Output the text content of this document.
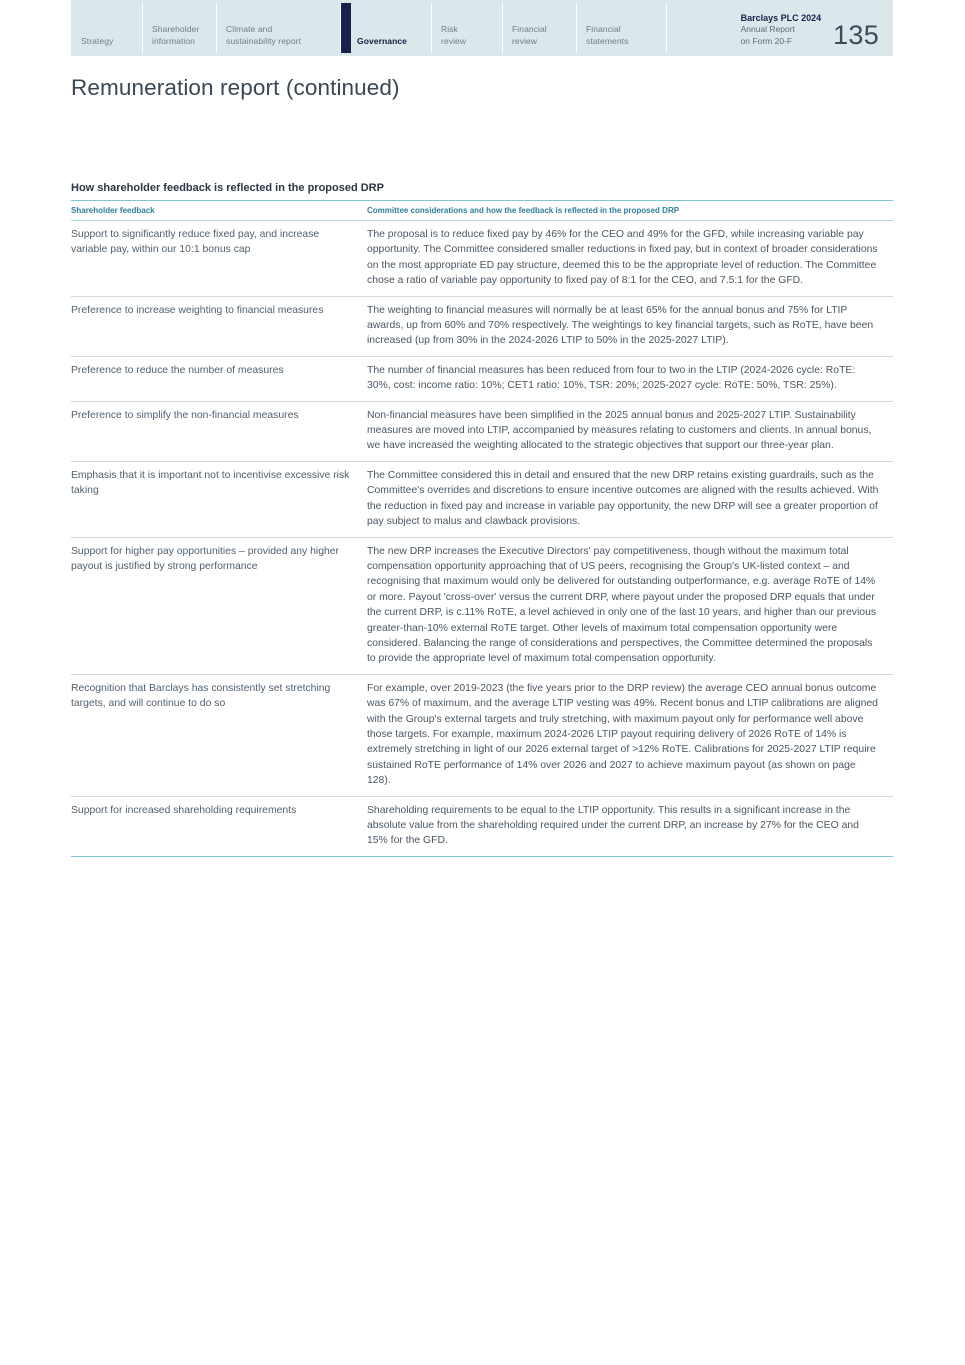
Strategy
Shareholder
information
Climate and
sustainability report	Governance
Risk
review
Financial
review
Financial
statements
Barclays PLC 2024
Annual Report
on Form 20-F	135
Remuneration report (continued)
How shareholder feedback is reflected in the proposed DRP
Shareholder feedback	Committee considerations and how the feedback is reflected in the proposed DRP
Support to significantly reduce fixed pay, and increase variable pay, within our 10:1 bonus cap	The proposal is to reduce fixed pay by 46% for the CEO and 49% for the GFD, while increasing variable pay opportunity. The Committee considered smaller reductions in fixed pay, but in context of broader considerations on the most appropriate ED pay structure, deemed this to be the appropriate level of reduction. The Committee chose a ratio of variable pay opportunity to fixed pay of 8:1 for the CEO, and 7.5:1 for the GFD.
Preference to increase weighting to financial measures	The weighting to financial measures will normally be at least 65% for the annual bonus and 75% for LTIP awards, up from 60% and 70% respectively. The weightings to key financial targets, such as RoTE, have been increased (up from 30% in the 2024-2026 LTIP to 50% in the 2025-2027 LTIP).
Preference to reduce the number of measures	The number of financial measures has been reduced from four to two in the LTIP (2024-2026 cycle: RoTE: 30%, cost: income ratio: 10%; CET1 ratio: 10%, TSR: 20%; 2025-2027 cycle: RoTE: 50%, TSR: 25%).
Preference to simplify the non-financial measures	Non-financial measures have been simplified in the 2025 annual bonus and 2025-2027 LTIP. Sustainability measures are moved into LTIP, accompanied by measures relating to customers and clients. In annual bonus, we have increased the weighting allocated to the strategic objectives that support our three-year plan.
Emphasis that it is important not to incentivise excessive risk taking	The Committee considered this in detail and ensured that the new DRP retains existing guardrails, such as the Committee's overrides and discretions to ensure incentive outcomes are aligned with the results achieved. With the reduction in fixed pay and increase in variable pay opportunity, the new DRP will see a greater proportion of pay subject to malus and clawback provisions.
Support for higher pay opportunities – provided any higher payout is justified by strong performance	The new DRP increases the Executive Directors' pay competitiveness, though without the maximum total compensation opportunity approaching that of US peers, recognising the Group's UK-listed context – and recognising that maximum would only be delivered for outstanding outperformance, e.g. average RoTE of 14% or more. Payout 'cross-over' versus the current DRP, where payout under the proposed DRP equals that under the current DRP, is c.11% RoTE, a level achieved in only one of the last 10 years, and higher than our previous greater-than-10% external RoTE target. Other levels of maximum total compensation opportunity were considered. Balancing the range of considerations and perspectives, the Committee determined the proposals to provide the appropriate level of maximum total compensation opportunity.
Recognition that Barclays has consistently set stretching targets, and will continue to do so	For example, over 2019-2023 (the five years prior to the DRP review) the average CEO annual bonus outcome was 67% of maximum, and the average LTIP vesting was 49%. Recent bonus and LTIP calibrations are aligned with the Group's external targets and truly stretching, with maximum payout only for performance well above those targets. For example, maximum 2024-2026 LTIP payout requiring delivery of 2026 RoTE of 14% is extremely stretching in light of our 2026 external target of >12% RoTE. Calibrations for 2025-2027 LTIP require sustained RoTE performance of 14% over 2026 and 2027 to achieve maximum payout (as shown on page 128).
Support for increased shareholding requirements	Shareholding requirements to be equal to the LTIP opportunity. This results in a significant increase in the absolute value from the shareholding required under the current DRP, an increase by 27% for the CEO and 15% for the GFD.
